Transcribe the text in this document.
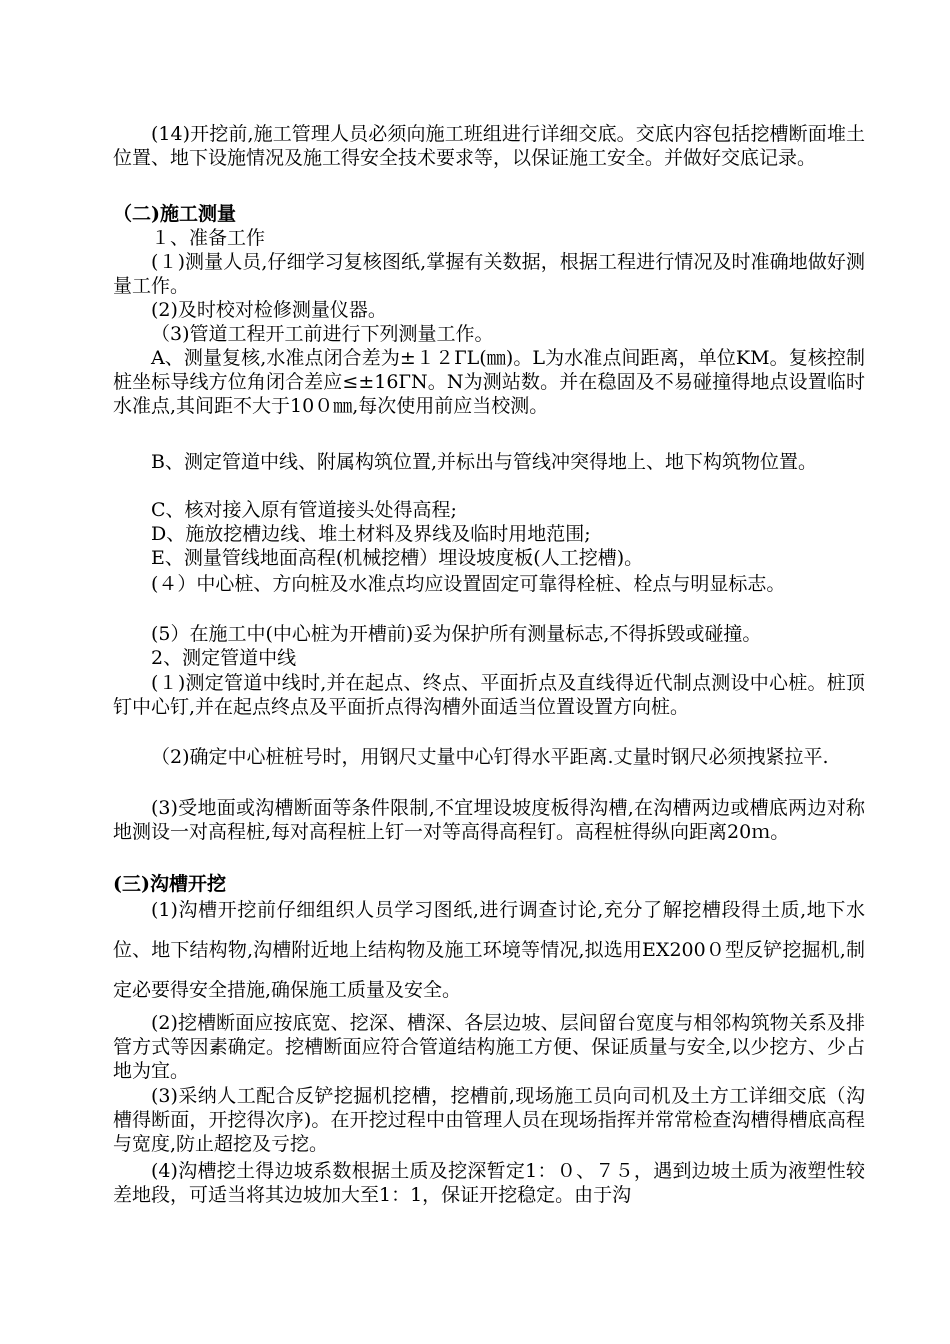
(14)开挖前,施工管理人员必须向施工班组进行详细交底。交底内容包括挖槽断面堆土位置、地下设施情况及施工得安全技术要求等，以保证施工安全。并做好交底记录。

（二)施工测量

１、准备工作

(１)测量人员,仔细学习复核图纸,掌握有关数据，根据工程进行情况及时准确地做好测量工作。

(2)及时校对检修测量仪器。

（3)管道工程开工前进行下列测量工作。

A、测量复核,水准点闭合差为±１２ГL(㎜)。L为水准点间距离，单位KM。复核控制桩坐标导线方位角闭合差应≤±16ГN。N为测站数。并在稳固及不易碰撞得地点设置临时水准点,其间距不大于10０㎜,每次使用前应当校测。

B、测定管道中线、附属构筑位置,并标出与管线冲突得地上、地下构筑物位置。

C、核对接入原有管道接头处得高程;

D、施放挖槽边线、堆土材料及界线及临时用地范围;

E、测量管线地面高程(机械挖槽）埋设坡度板(人工挖槽)。

(４）中心桩、方向桩及水准点均应设置固定可靠得栓桩、栓点与明显标志。

(5）在施工中(中心桩为开槽前)妥为保护所有测量标志,不得拆毁或碰撞。

2、测定管道中线

(１)测定管道中线时,并在起点、终点、平面折点及直线得近代制点测设中心桩。桩顶钉中心钉,并在起点终点及平面折点得沟槽外面适当位置设置方向桩。

（2)确定中心桩桩号时，用钢尺丈量中心钉得水平距离.丈量时钢尺必须拽紧拉平.

(3)受地面或沟槽断面等条件限制,不宜埋设坡度板得沟槽,在沟槽两边或槽底两边对称地测设一对高程桩,每对高程桩上钉一对等高得高程钉。高程桩得纵向距离20ｍ。

(三)沟槽开挖

(1)沟槽开挖前仔细组织人员学习图纸,进行调查讨论,充分了解挖槽段得土质,地下水位、地下结构物,沟槽附近地上结构物及施工环境等情况,拟选用EX200０型反铲挖掘机,制定必要得安全措施,确保施工质量及安全。

(2)挖槽断面应按底宽、挖深、槽深、各层边坡、层间留台宽度与相邻构筑物关系及排管方式等因素确定。挖槽断面应符合管道结构施工方便、保证质量与安全,以少挖方、少占地为宜。

(3)采纳人工配合反铲挖掘机挖槽，挖槽前,现场施工员向司机及土方工详细交底（沟槽得断面，开挖得次序)。在开挖过程中由管理人员在现场指挥并常常检查沟槽得槽底高程与宽度,防止超挖及亏挖。

(4)沟槽挖土得边坡系数根据土质及挖深暂定1：０、７５，遇到边坡土质为液塑性较差地段，可适当将其边坡加大至1：1，保证开挖稳定。由于沟
